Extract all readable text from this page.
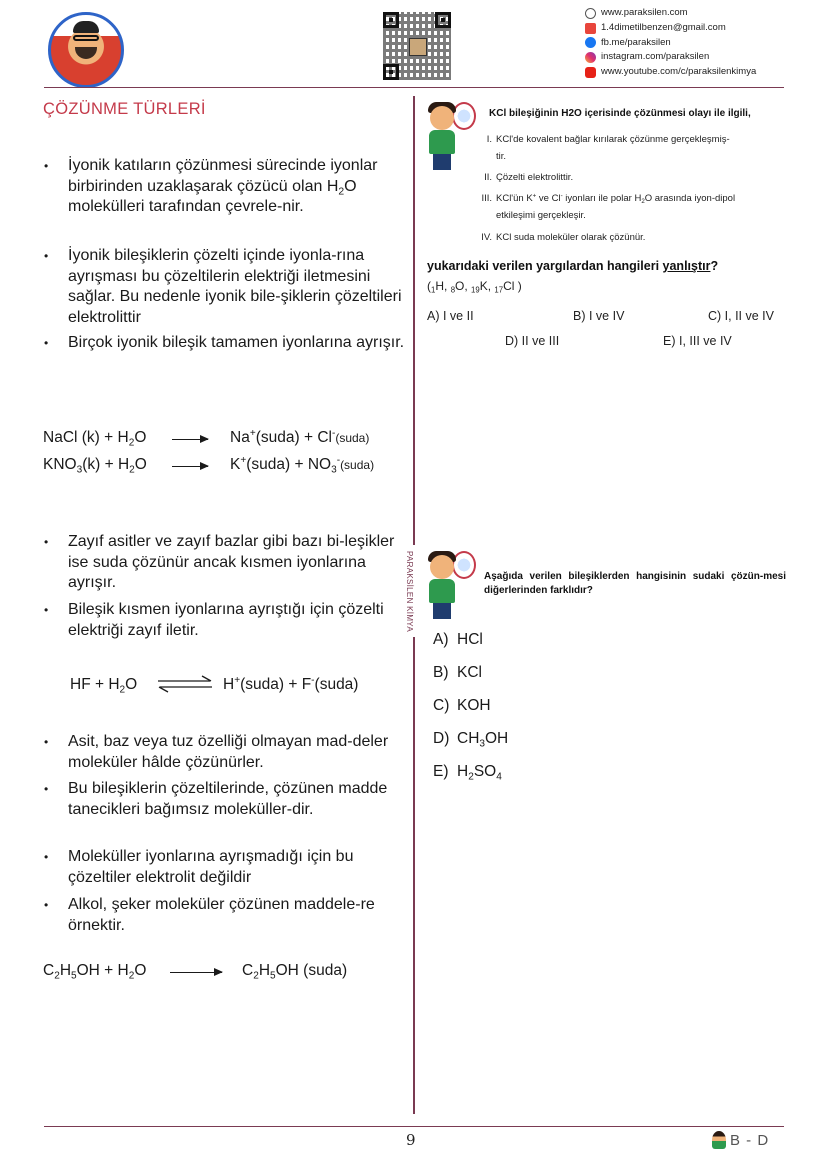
www.paraksilen.com
1.4dimetilbenzen@gmail.com
fb.me/paraksilen
instagram.com/paraksilen
www.youtube.com/c/paraksilenkimya
PARAKSİLEN KİMYA
ÇÖZÜNME TÜRLERİ
•	İyonik katıların çözünmesi sürecinde iyonlar birbirinden uzaklaşarak çözücü olan $H_2O$ molekülleri tarafından çevrele-nir.
•	İyonik bileşiklerin çözelti içinde iyonla-rına ayrışması bu çözeltilerin elektriği iletmesini sağlar. Bu nedenle iyonik bile-şiklerin çözeltileri elektrolittir
•	Birçok iyonik bileşik tamamen iyonlarına ayrışır.
NaCl $(k) + H_2O$	Na+(suda) + Cl-(suda)
$KNO_3(k) + H_2O$	K+(suda) + $NO_3^-(suda)$
•	Zayıf asitler ve zayıf bazlar gibi bazı bi-leşikler ise suda çözünür ancak kısmen iyonlarına ayrışır.
•	Bileşik kısmen iyonlarına ayrıştığı için çözelti elektriği zayıf iletir.
HF + $H_2O$ ⇌ H+(suda) + F-(suda)
•	Asit, baz veya tuz özelliği olmayan mad-deler moleküler hâlde çözünürler.
•	Bu bileşiklerin çözeltilerinde, çözünen madde tanecikleri bağımsız moleküller-dir.
•	Moleküller iyonlarına ayrışmadığı için bu çözeltiler elektrolit değildir
•	Alkol, şeker moleküler çözünen maddele-re örnektir.
$C_2H_5OH + H_2O$	$C_2H_5OH$ (suda)
KCl bileşiğinin H2O içerisinde çözünmesi olayı ile ilgili,
I. KCl'de kovalent bağlar kırılarak çözünme gerçekleşmiş-
tir.
II. Çözelti elektrolittir.
III. KCl'ün K+ ve Cl- iyonları ile polar $H_2O$ arasında iyon-dipol
etkileşimi gerçekleşir.
IV. KCl suda moleküler olarak çözünür.
yukarıdaki verilen yargılardan hangileri yanlıştır?
($_1H$, $_8$O, $_{19}$K, $_{17}$Cl )
A) I ve II	B) I ve IV	C) I, II ve IV
D) II ve III	E) I, III ve IV
Aşağıda verilen bileşiklerden hangisinin sudaki çözün-mesi diğerlerinden farklıdır?
A) HCl
B) KCl
C) KOH
D) $CH_3OH$
E) $H_2SO_4$
9	B - D
